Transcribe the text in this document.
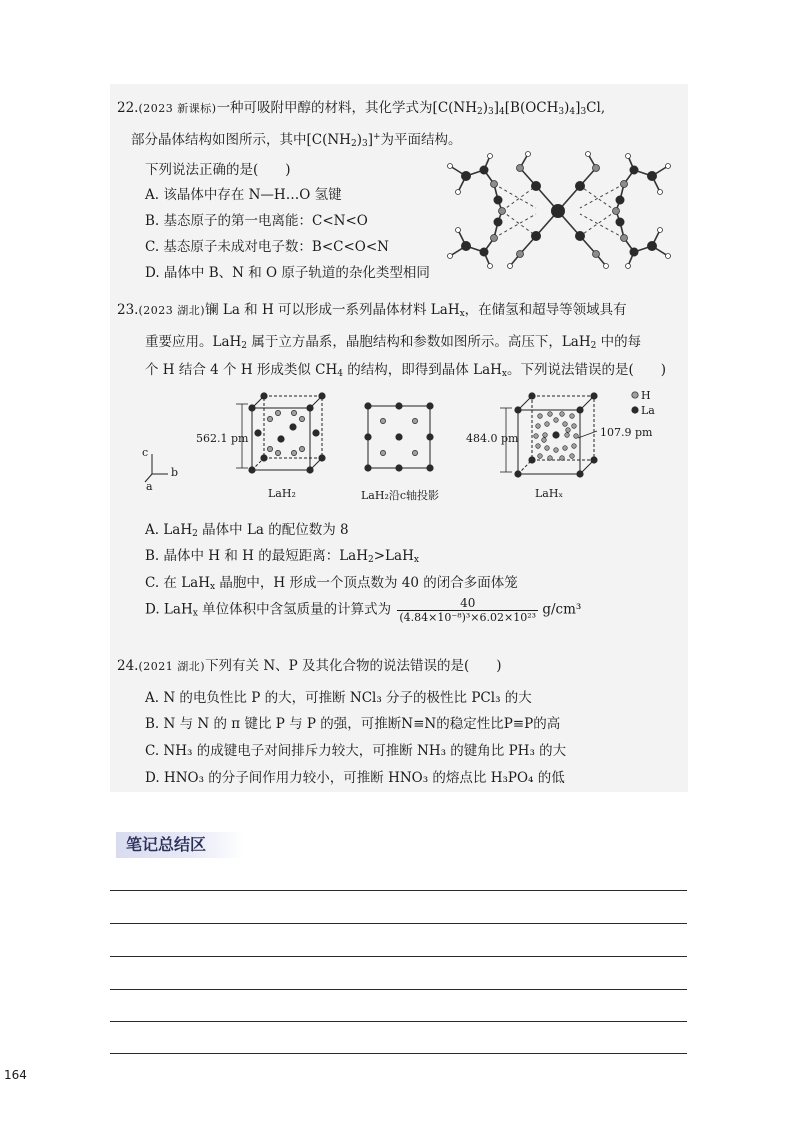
22.(2023 新课标)一种可吸附甲醇的材料，其化学式为$[C(NH_2)_3]_4[B(OCH_3)_4]_3Cl$,
部分晶体结构如图所示，其中$[C(NH_2)_3]^+$为平面结构。
下列说法正确的是(　　)
A. 该晶体中存在 N—H…O 氢键
B. 基态原子的第一电离能：C<N<O
C. 基态原子未成对电子数：B<C<O<N
D. 晶体中 B、N 和 O 原子轨道的杂化类型相同
23.(2023 湖北)镧 La 和 H 可以形成一系列晶体材料 LaH$_x$，在储氢和超导等领域具有
重要应用。LaH$_2$ 属于立方晶系，晶胞结构和参数如图所示。高压下，LaH$_2$ 中的每
个 H 结合 4 个 H 形成类似 $CH_4$ 的结构，即得到晶体 LaH$_x$。下列说法错误的是(　　)
c
b
a
562.1 pm	484.0 pm	107.9 pm
H
La
LaH₂	LaH₂沿c轴投影	LaHₓ
A. LaH$_2$ 晶体中 La 的配位数为 8
B. 晶体中 H 和 H 的最短距离：LaH$_2$>LaH$_x$
C. 在 LaH$_x$ 晶胞中，H 形成一个顶点数为 40 的闭合多面体笼
D. LaH$_x$ 单位体积中含氢质量的计算式为 $\frac{40}{\text{(4.84×10⁻⁸)³×6.02×10²³}} g/cm^3$
24.(2021 湖北)下列有关 N、P 及其化合物的说法错误的是(　　)
A. N 的电负性比 P 的大，可推断 NCl₃ 分子的极性比 PCl₃ 的大
B. N 与 N 的 π 键比 P 与 P 的强，可推断N≡N的稳定性比P≡P的高
C. NH₃ 的成键电子对间排斥力较大，可推断 NH₃ 的键角比 PH₃ 的大
D. HNO₃ 的分子间作用力较小，可推断 HNO₃ 的熔点比 H₃PO₄ 的低
笔记总结区
164
